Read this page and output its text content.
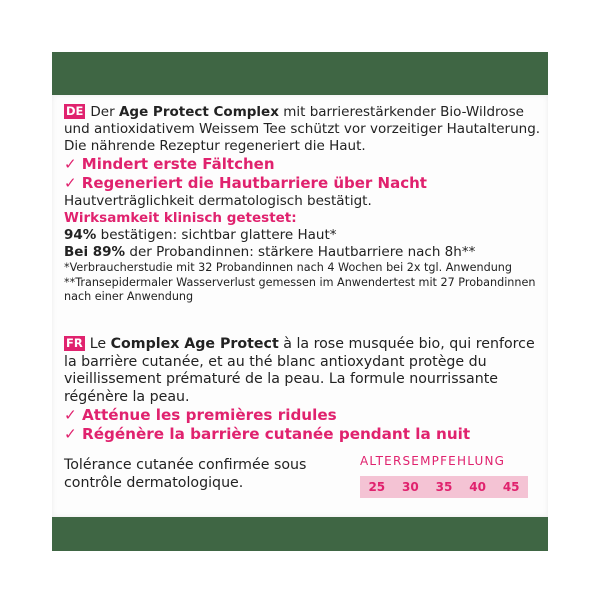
DE Der Age Protect Complex mit barrierestärkender Bio-Wildrose und antioxidativem Weissem Tee schützt vor vorzeitiger Hautalterung. Die nährende Rezeptur regeneriert die Haut.

✓ Mindert erste Fältchen

✓ Regeneriert die Hautbarriere über Nacht

Hautverträglichkeit dermatologisch bestätigt.

Wirksamkeit klinisch getestet:

94% bestätigen: sichtbar glattere Haut*

Bei 89% der Probandinnen: stärkere Hautbarriere nach 8h**

*Verbraucherstudie mit 32 Probandinnen nach 4 Wochen bei 2x tgl. Anwendung **Transepidermaler Wasserverlust gemessen im Anwendertest mit 27 Probandinnen nach einer Anwendung

FR Le Complex Age Protect à la rose musquée bio, qui renforce la barrière cutanée, et au thé blanc antioxydant protège du vieillissement prématuré de la peau. La formule nourrissante régénère la peau.

✓ Atténue les premières ridules

✓ Régénère la barrière cutanée pendant la nuit

Tolérance cutanée confirmée sous contrôle dermatologique.

ALTERSEMPFEHLUNG
25	30	35	40	45
